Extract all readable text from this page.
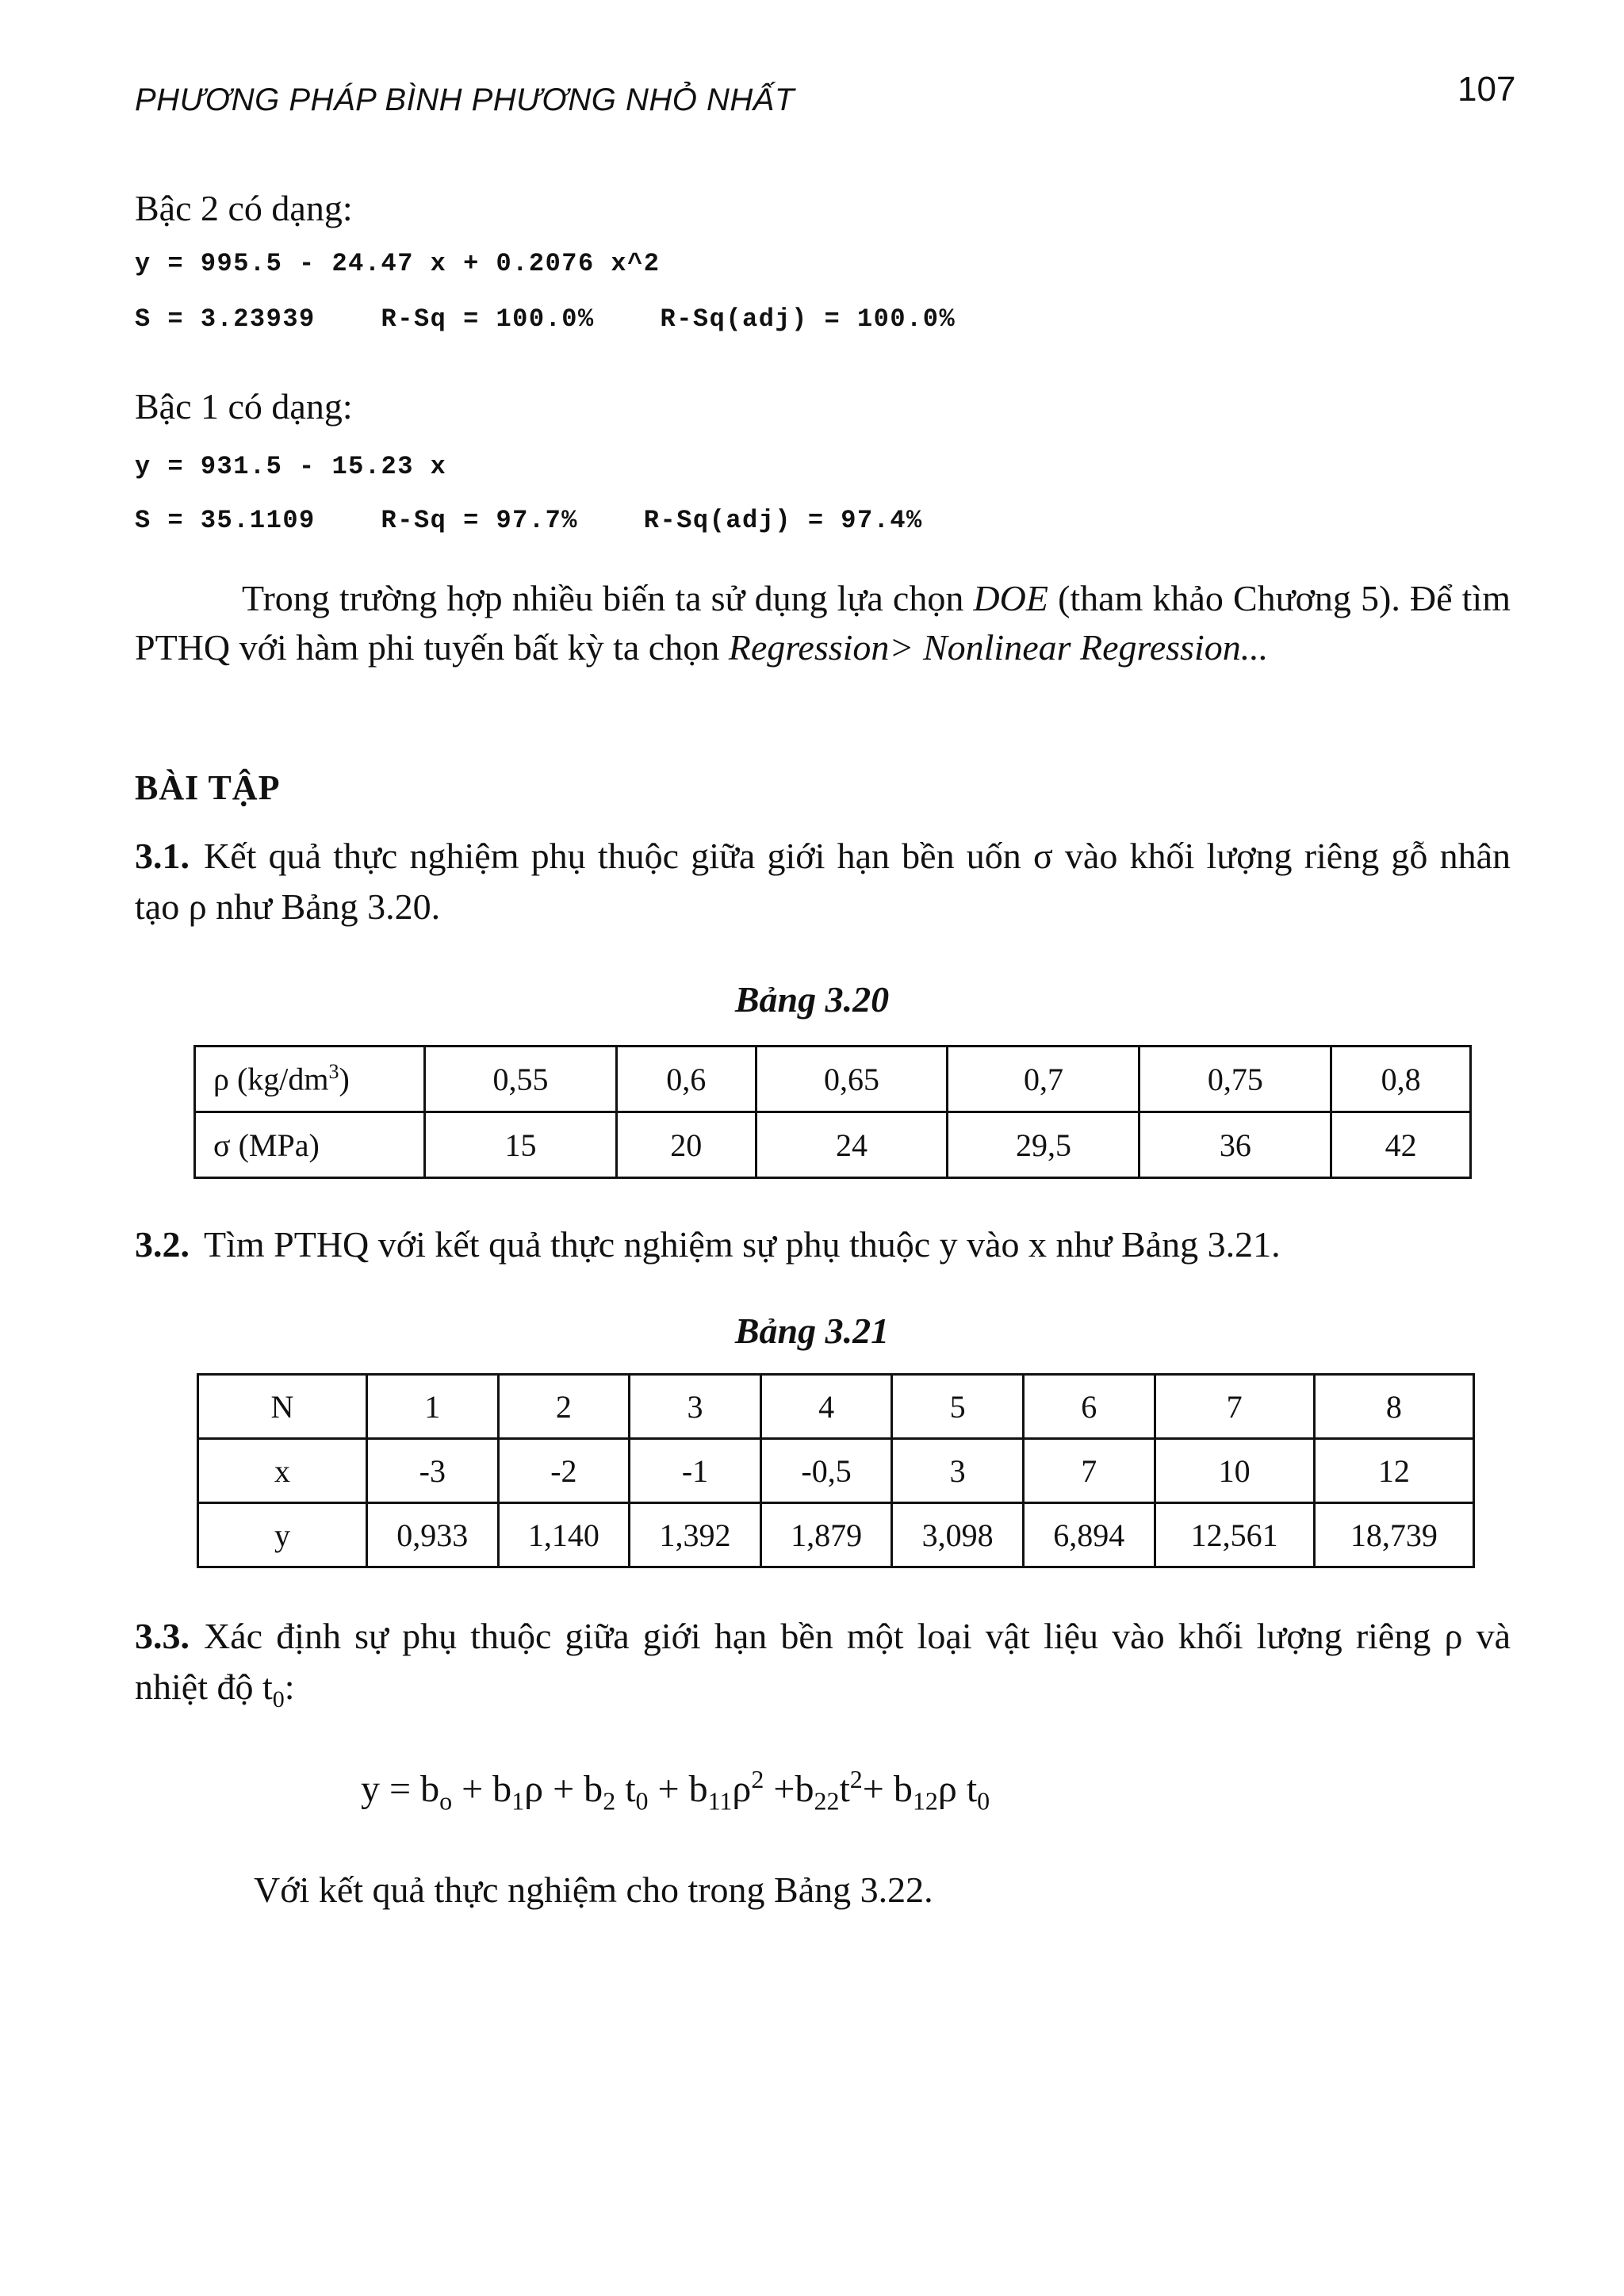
PHƯƠNG PHÁP BÌNH PHƯƠNG NHỎ NHẤT	107
Bậc 2 có dạng:
y = 995.5 - 24.47 x + 0.2076 x^2
S = 3.23939    R-Sq = 100.0%    R-Sq(adj) = 100.0%
Bậc 1 có dạng:
y = 931.5 - 15.23 x
S = 35.1109    R-Sq = 97.7%    R-Sq(adj) = 97.4%
Trong trường hợp nhiều biến ta sử dụng lựa chọn DOE (tham khảo Chương 5). Để tìm PTHQ với hàm phi tuyến bất kỳ ta chọn Regression> Nonlinear Regression...
BÀI TẬP
3.1. Kết quả thực nghiệm phụ thuộc giữa giới hạn bền uốn σ vào khối lượng riêng gỗ nhân tạo ρ như Bảng 3.20.
Bảng 3.20
ρ $(kg/dm^3)$	0,55	0,6	0,65	0,7	0,75	0,8
σ (MPa)	15	20	24	29,5	36	42
3.2. Tìm PTHQ với kết quả thực nghiệm sự phụ thuộc y vào x như Bảng 3.21.
Bảng 3.21
N	1	2	3	4	5	6	7	8
x	-3	-2	-1	-0,5	3	7	10	12
y	0,933	1,140	1,392	1,879	3,098	6,894	12,561	18,739
3.3. Xác định sự phụ thuộc giữa giới hạn bền một loại vật liệu vào khối lượng riêng ρ và nhiệt độ $t_0$:
$y = b_o + b_1\rho + b_2$ $t_0 + b_{11}\rho^2 +b_{22}t^2+ b_{12}\rho$ $t_0$
Với kết quả thực nghiệm cho trong Bảng 3.22.
